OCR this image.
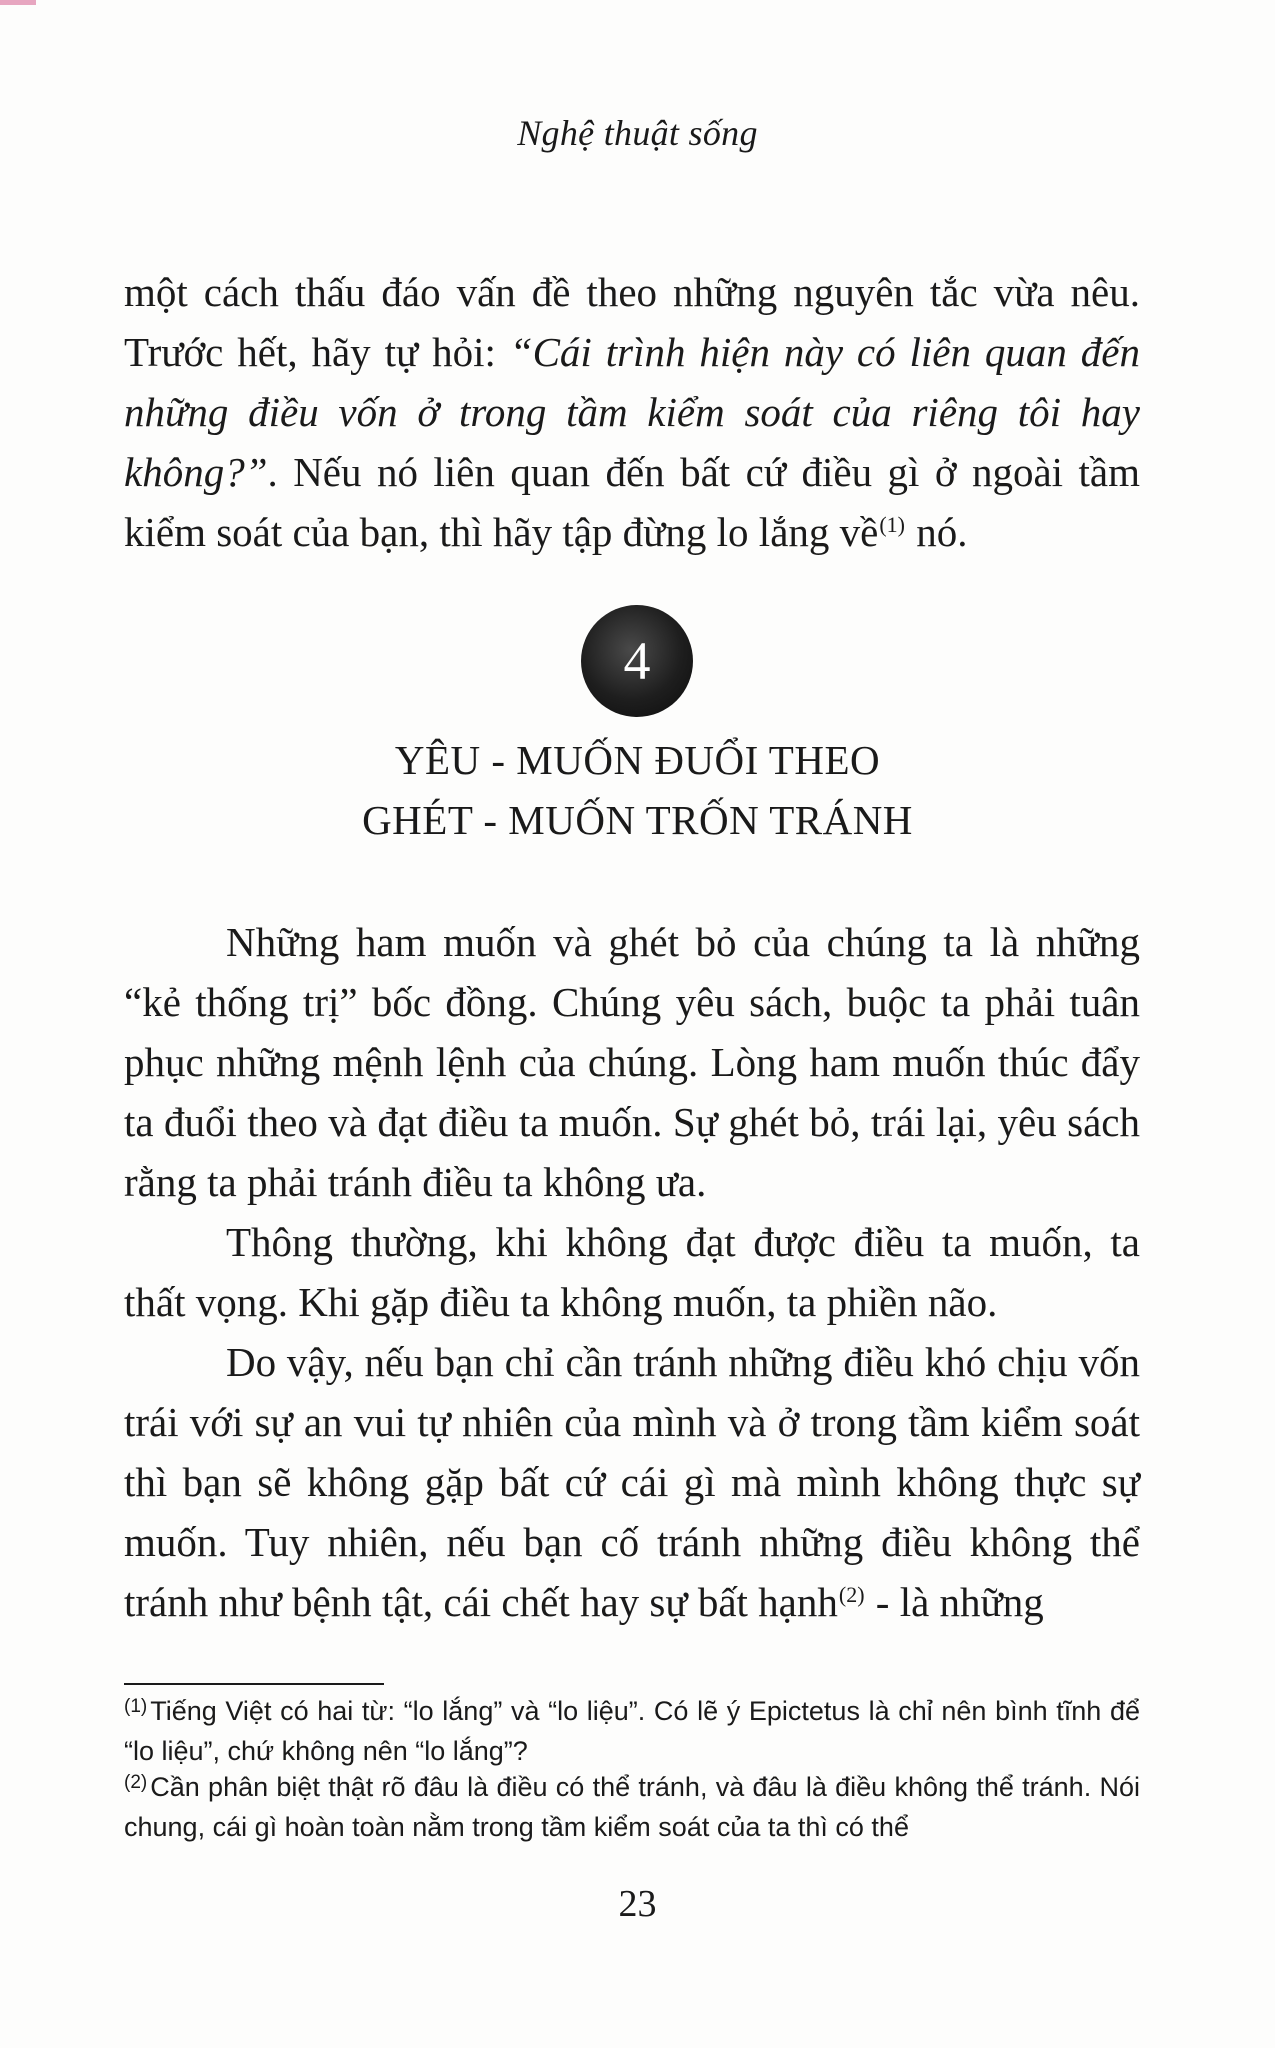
Nghệ thuật sống

một cách thấu đáo vấn đề theo những nguyên tắc vừa nêu. Trước hết, hãy tự hỏi: “Cái trình hiện này có liên quan đến những điều vốn ở trong tầm kiểm soát của riêng tôi hay không?”. Nếu nó liên quan đến bất cứ điều gì ở ngoài tầm kiểm soát của bạn, thì hãy tập đừng lo lắng về$^{(1)}$ nó.

4
YÊU - MUỐN ĐUỔI THEO
GHÉT - MUỐN TRỐN TRÁNH

Những ham muốn và ghét bỏ của chúng ta là những “kẻ thống trị” bốc đồng. Chúng yêu sách, buộc ta phải tuân phục những mệnh lệnh của chúng. Lòng ham muốn thúc đẩy ta đuổi theo và đạt điều ta muốn. Sự ghét bỏ, trái lại, yêu sách rằng ta phải tránh điều ta không ưa.

Thông thường, khi không đạt được điều ta muốn, ta thất vọng. Khi gặp điều ta không muốn, ta phiền não.

Do vậy, nếu bạn chỉ cần tránh những điều khó chịu vốn trái với sự an vui tự nhiên của mình và ở trong tầm kiểm soát thì bạn sẽ không gặp bất cứ cái gì mà mình không thực sự muốn. Tuy nhiên, nếu bạn cố tránh những điều không thể tránh như bệnh tật, cái chết hay sự bất hạnh$^{(2)}$ - là những

$^{(1)}$ Tiếng Việt có hai từ: “lo lắng” và “lo liệu”. Có lẽ ý Epictetus là chỉ nên bình tĩnh để “lo liệu”, chứ không nên “lo lắng”?

$^{(2)}$ Cần phân biệt thật rõ đâu là điều có thể tránh, và đâu là điều không thể tránh. Nói chung, cái gì hoàn toàn nằm trong tầm kiểm soát của ta thì có thể

23
